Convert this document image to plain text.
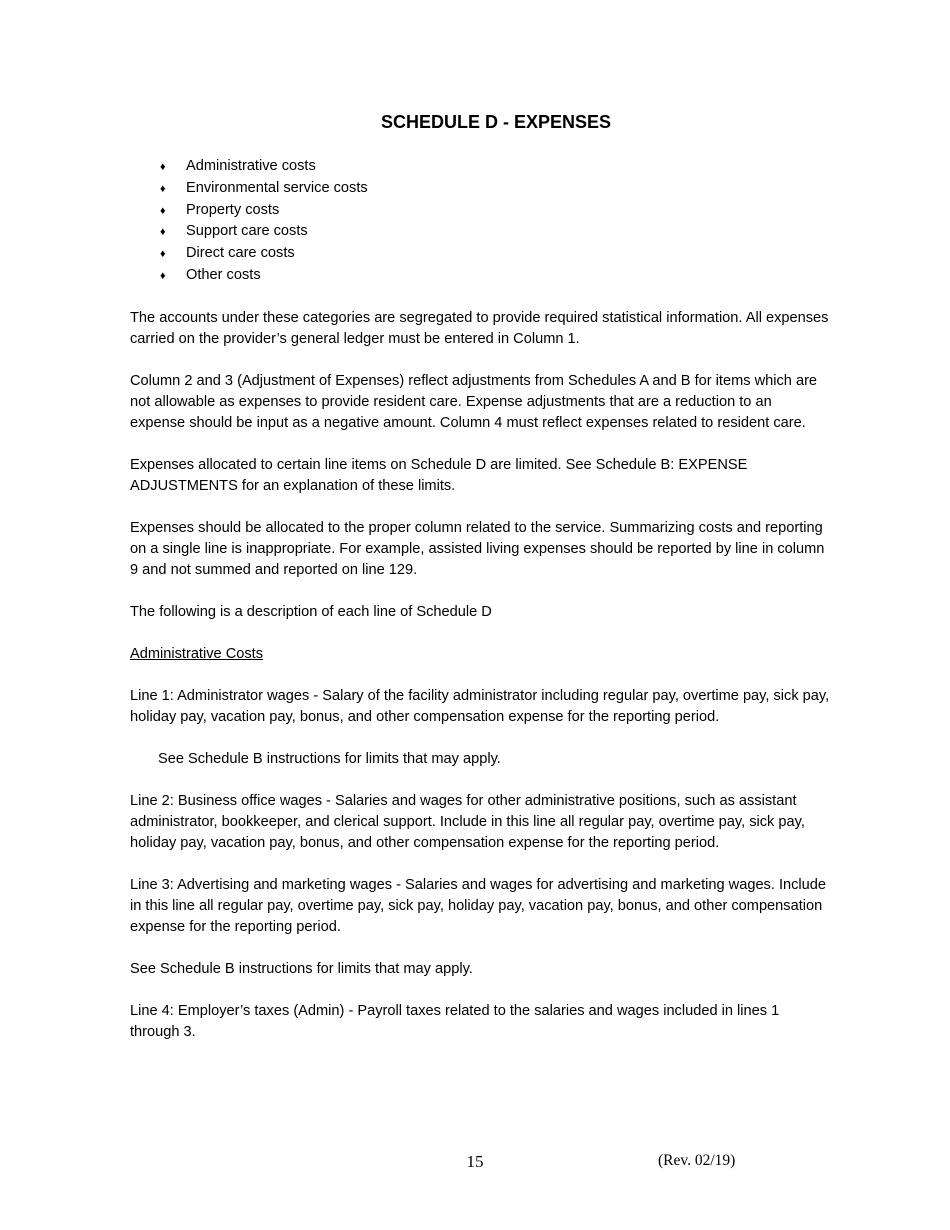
SCHEDULE D - EXPENSES
♦	Administrative costs
♦	Environmental service costs
♦	Property costs
♦	Support care costs
♦	Direct care costs
♦	Other costs

The accounts under these categories are segregated to provide required statistical information. All expenses carried on the provider’s general ledger must be entered in Column 1.

Column 2 and 3 (Adjustment of Expenses) reflect adjustments from Schedules A and B for items which are not allowable as expenses to provide resident care. Expense adjustments that are a reduction to an expense should be input as a negative amount. Column 4 must reflect expenses related to resident care.

Expenses allocated to certain line items on Schedule D are limited. See Schedule B: EXPENSE ADJUSTMENTS for an explanation of these limits.

Expenses should be allocated to the proper column related to the service. Summarizing costs and reporting on a single line is inappropriate. For example, assisted living expenses should be reported by line in column 9 and not summed and reported on line 129.

The following is a description of each line of Schedule D

Administrative Costs

Line 1: Administrator wages - Salary of the facility administrator including regular pay, overtime pay, sick pay, holiday pay, vacation pay, bonus, and other compensation expense for the reporting period.

See Schedule B instructions for limits that may apply.

Line 2: Business office wages - Salaries and wages for other administrative positions, such as assistant administrator, bookkeeper, and clerical support. Include in this line all regular pay, overtime pay, sick pay, holiday pay, vacation pay, bonus, and other compensation expense for the reporting period.

Line 3: Advertising and marketing wages - Salaries and wages for advertising and marketing wages. Include in this line all regular pay, overtime pay, sick pay, holiday pay, vacation pay, bonus, and other compensation expense for the reporting period.

See Schedule B instructions for limits that may apply.

Line 4: Employer’s taxes (Admin) - Payroll taxes related to the salaries and wages included in lines 1 through 3.

15	(Rev. 02/19)
